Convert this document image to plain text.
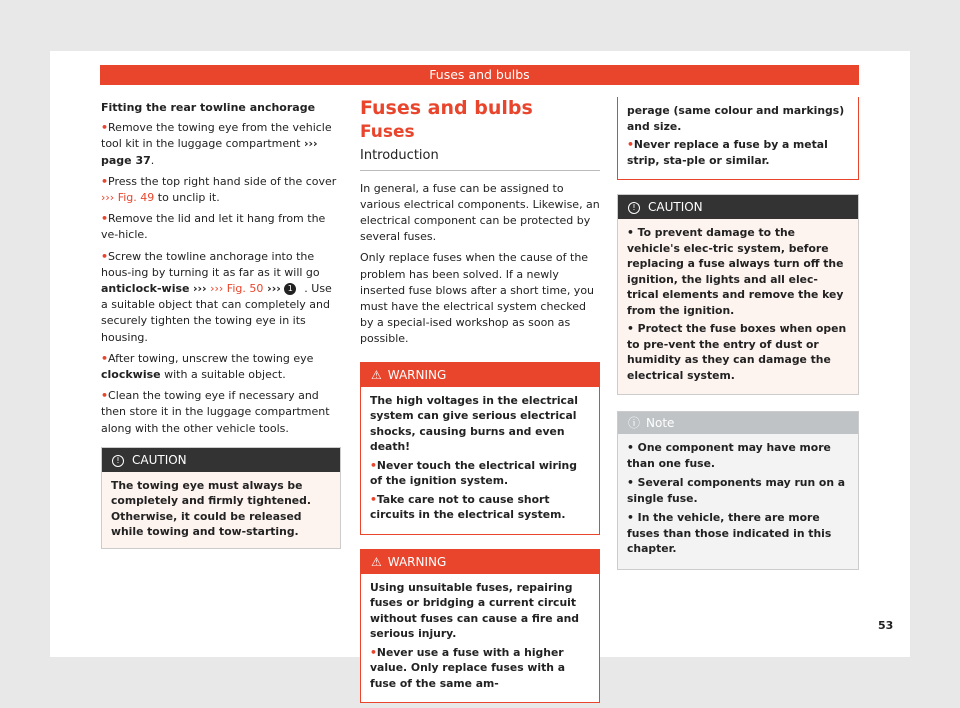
Fuses and bulbs

Fitting the rear towline anchorage

• Remove the towing eye from the vehicle tool kit in the luggage compartment ››› page 37.

• Press the top right hand side of the cover ››› Fig. 49 to unclip it.

• Remove the lid and let it hang from the ve-hicle.

• Screw the towline anchorage into the hous-ing by turning it as far as it will go anticlock-wise ››› ››› Fig. 50 ››› 1 . Use a suitable object that can completely and securely tighten the towing eye in its housing.

• After towing, unscrew the towing eye clockwise with a suitable object.

• Clean the towing eye if necessary and then store it in the luggage compartment along with the other vehicle tools.

! CAUTION
The towing eye must always be completely and firmly tightened. Otherwise, it could be released while towing and tow-starting.
Fuses and bulbs
Fuses
Introduction

In general, a fuse can be assigned to various electrical components. Likewise, an electrical component can be protected by several fuses.

Only replace fuses when the cause of the problem has been solved. If a newly inserted fuse blows after a short time, you must have the electrical system checked by a special-ised workshop as soon as possible.

⚠ WARNING

The high voltages in the electrical system can give serious electrical shocks, causing burns and even death!

• Never touch the electrical wiring of the ignition system.

• Take care not to cause short circuits in the electrical system.

⚠ WARNING

Using unsuitable fuses, repairing fuses or bridging a current circuit without fuses can cause a fire and serious injury.

• Never use a fuse with a higher value. Only replace fuses with a fuse of the same am-

perage (same colour and markings) and size.

• Never replace a fuse by a metal strip, sta-ple or similar.

! CAUTION

• To prevent damage to the vehicle's elec-tric system, before replacing a fuse always turn off the ignition, the lights and all elec-trical elements and remove the key from the ignition.

• Protect the fuse boxes when open to pre-vent the entry of dust or humidity as they can damage the electrical system.

ⓘ Note

• One component may have more than one fuse.

• Several components may run on a single fuse.

• In the vehicle, there are more fuses than those indicated in this chapter.

53
